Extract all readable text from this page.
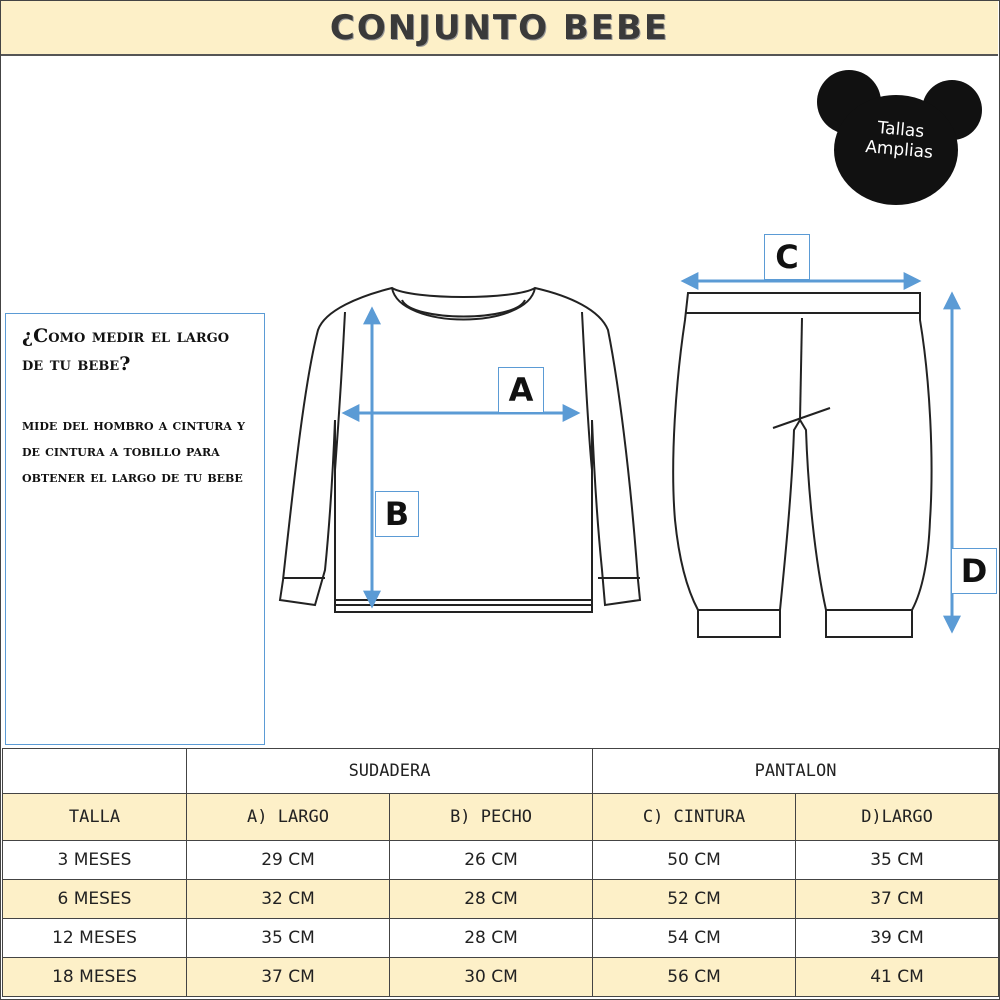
CONJUNTO BEBE
Tallas
Amplias
A
B
C
D
¿Como medir el largo de tu bebe?
mide del hombro a cintura y de cintura a tobillo para obtener el largo de tu bebe
	SUDADERA		PANTALON	
TALLA	A) LARGO	B) PECHO	C) CINTURA	D)LARGO
3 MESES	29 CM	26 CM	50 CM	35 CM
6 MESES	32 CM	28 CM	52 CM	37 CM
12 MESES	35 CM	28 CM	54 CM	39 CM
18 MESES	37 CM	30 CM	56 CM	41 CM
